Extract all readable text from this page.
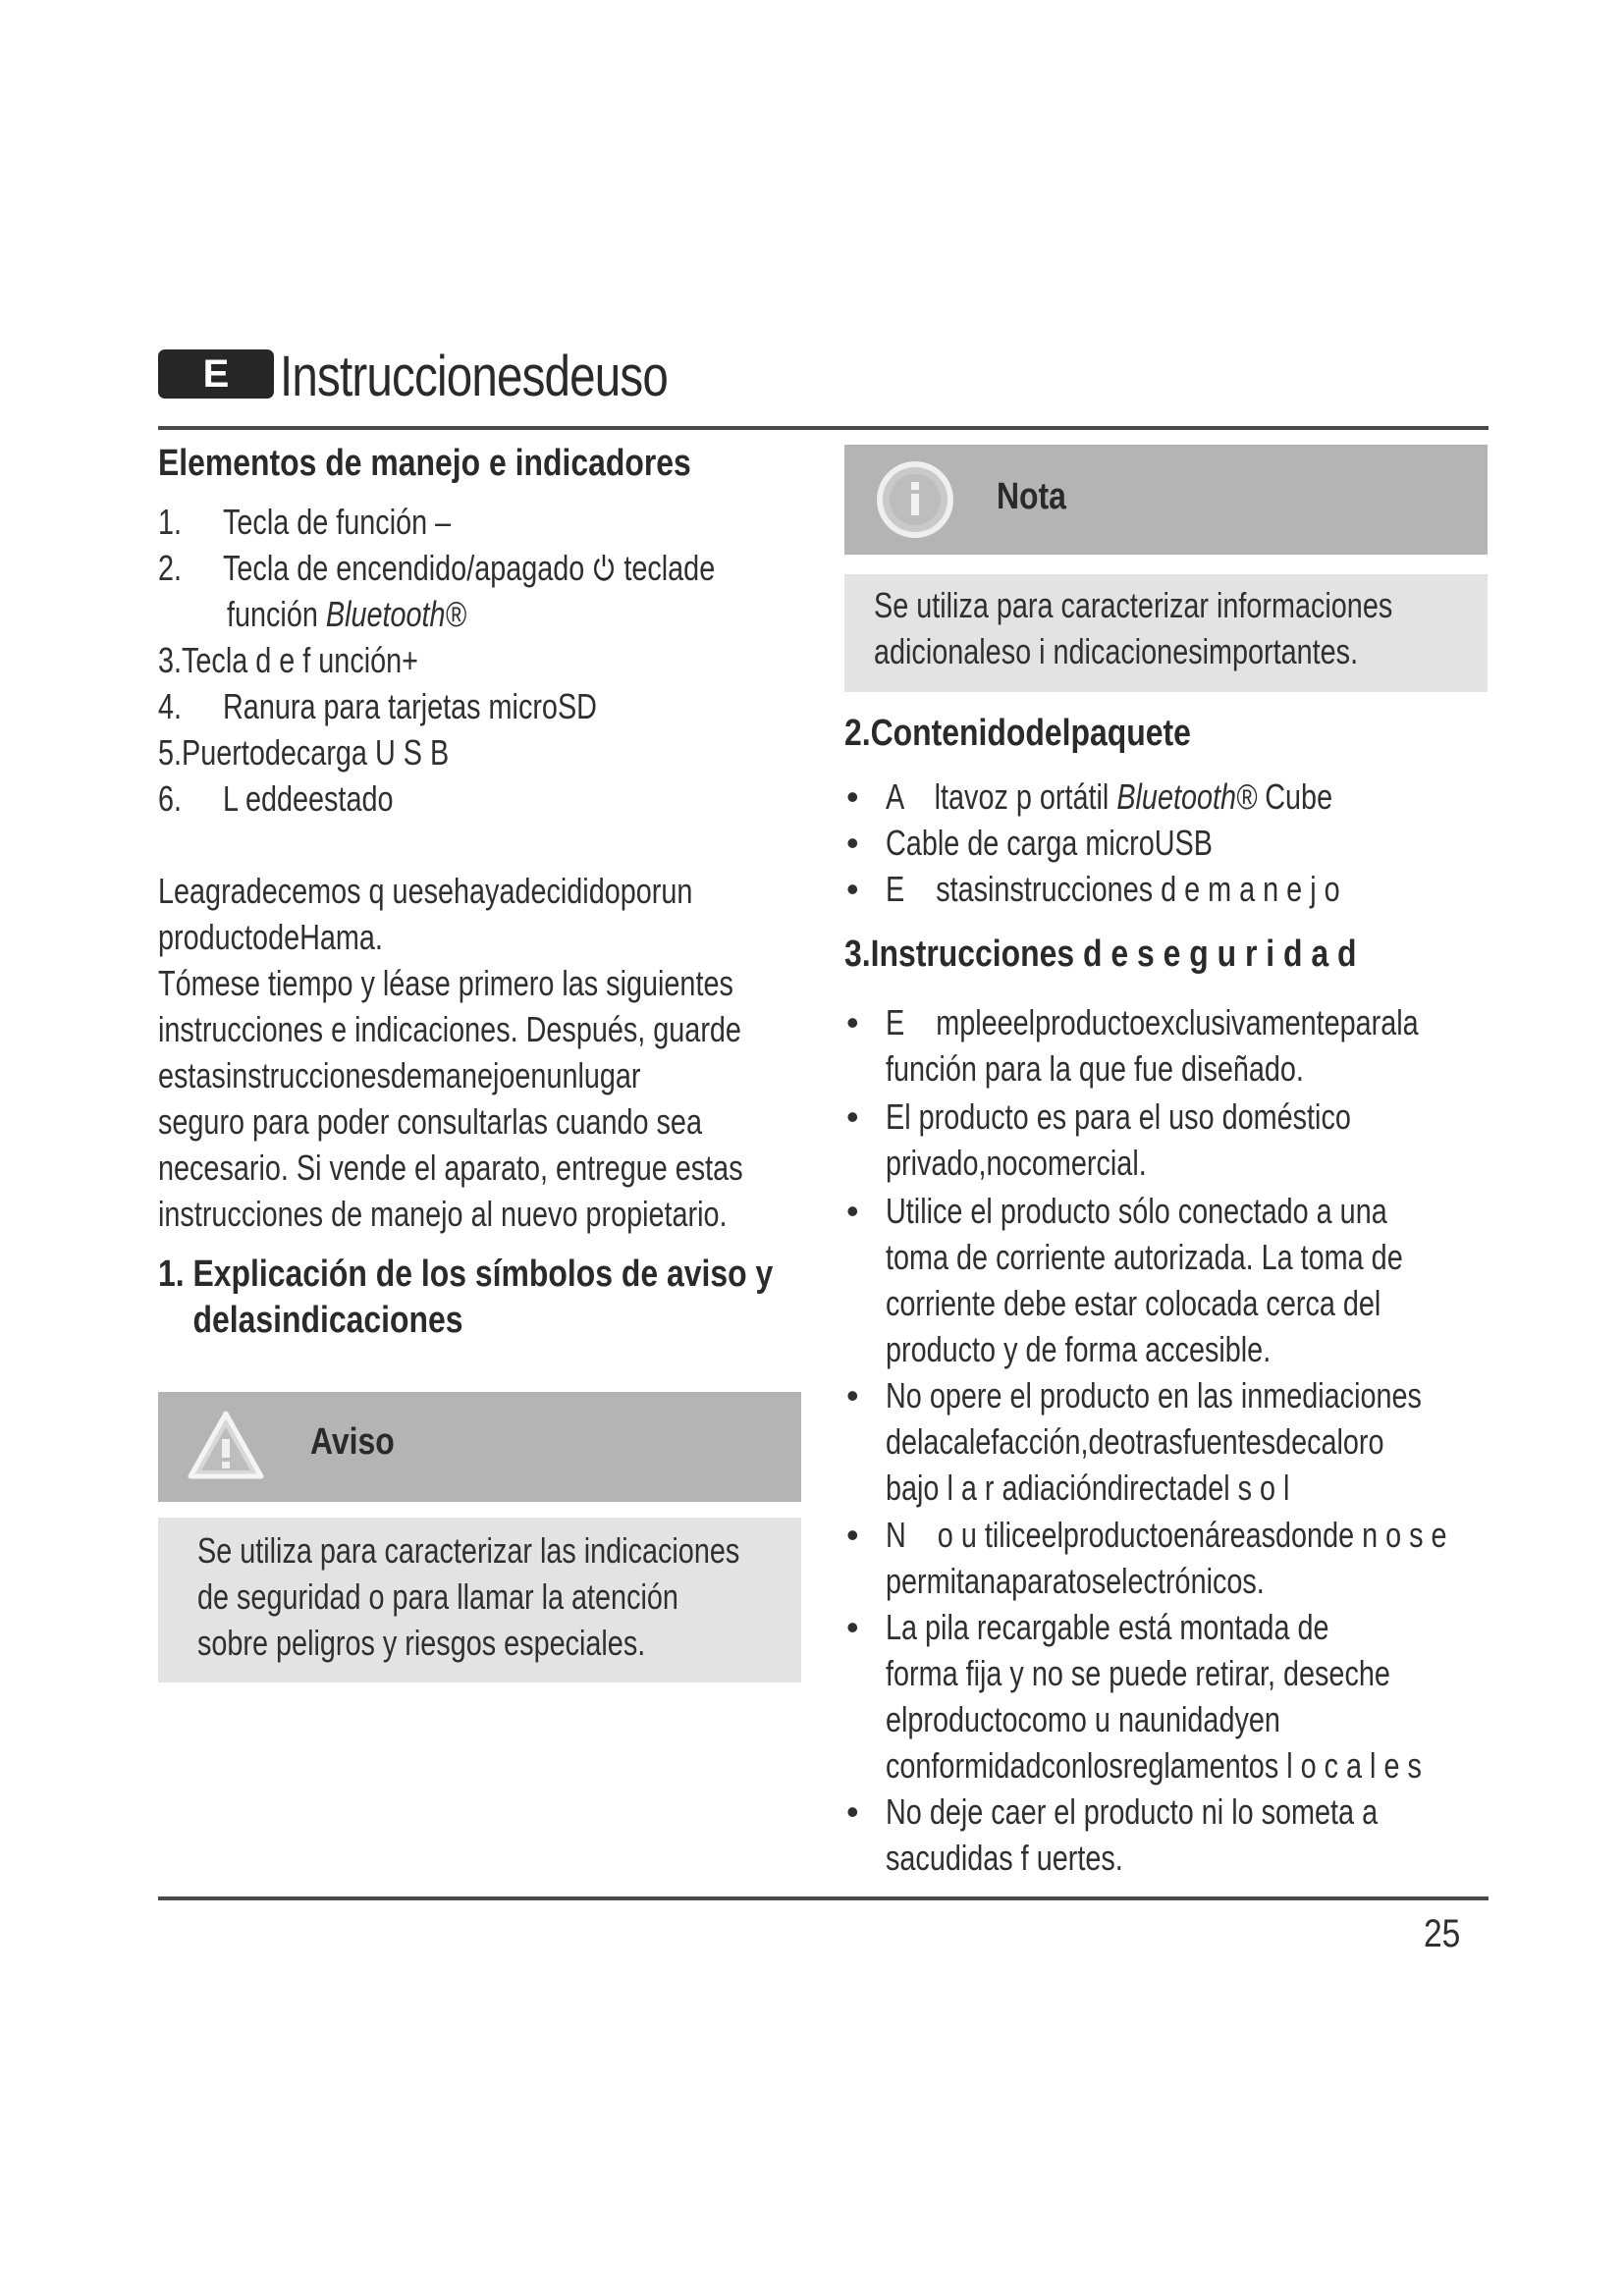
E Instruccionesdeuso
Elementos de manejo e indicadores
1. Tecla de función –
2. Tecla de encendido/apagado teclade
función Bluetooth®
3.Tecla d e f unción+
4. Ranura para tarjetas microSD
5.Puertodecarga U S B
6. L eddeestado
Leagradecemos q uesehayadecididoporun
productodeHama.
Tómese tiempo y léase primero las siguientes
instrucciones e indicaciones. Después, guarde
estasinstruccionesdemanejoenunlugar
seguro para poder consultarlas cuando sea
necesario. Si vende el aparato, entregue estas
instrucciones de manejo al nuevo propietario.
1. Explicación de los símbolos de aviso y
delasindicaciones
Aviso
Se utiliza para caracterizar las indicaciones
de seguridad o para llamar la atención
sobre peligros y riesgos especiales.
Nota
Se utiliza para caracterizar informaciones
adicionaleso i ndicacionesimportantes.
2.Contenidodelpaquete
• A    ltavoz p ortátil Bluetooth® Cube
• Cable de carga microUSB
• E    stasinstrucciones d e m a n e j o
3.Instrucciones d e s e g u r i d a d
• E    mpleeelproductoexclusivamenteparala
función para la que fue diseñado.
• El producto es para el uso doméstico
privado,nocomercial.
• Utilice el producto sólo conectado a una
toma de corriente autorizada. La toma de
corriente debe estar colocada cerca del
producto y de forma accesible.
• No opere el producto en las inmediaciones
delacalefacción,deotrasfuentesdecaloro
bajo l a r adiacióndirectadel s o l
• N    o u tiliceelproductoenáreasdonde n o s e
permitanaparatoselectrónicos.
• La pila recargable está montada de
forma fija y no se puede retirar, deseche
elproductocomo u naunidadyen
conformidadconlosreglamentos l o c a l e s
• No deje caer el producto ni lo someta a
sacudidas f uertes.
25
